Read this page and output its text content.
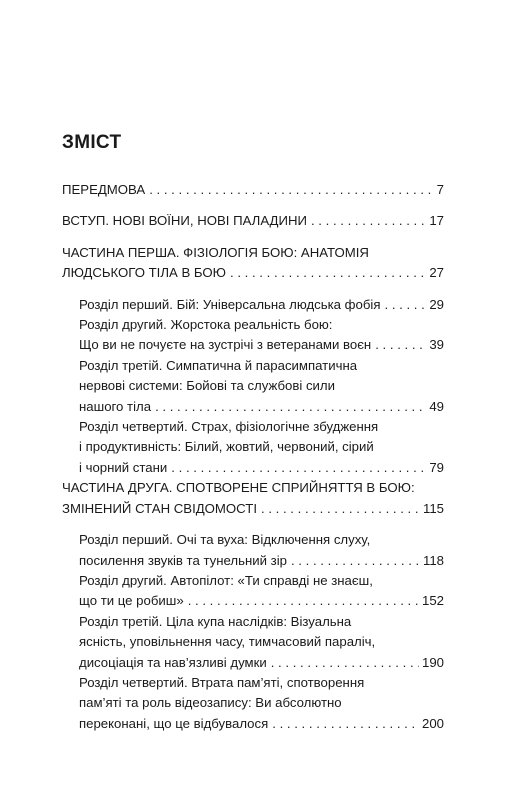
ЗМІСТ
ПЕРЕДМОВА . . .	7
ВСТУП. НОВІ ВОЇНИ, НОВІ ПАЛАДИНИ . . .	17
ЧАСТИНА ПЕРША. ФІЗІОЛОГІЯ БОЮ: АНАТОМІЯ
ЛЮДСЬКОГО ТІЛА В БОЮ . . .	27
Розділ перший. Бій: Універсальна людська фобія . . .	29
Розділ другий. Жорстока реальність бою:
Що ви не почуєте на зустрічі з ветеранами воєн . . .	39
Розділ третій. Симпатична й парасимпатична
нервові системи: Бойові та службові сили
нашого тіла . . .	49
Розділ четвертий. Страх, фізіологічне збудження
і продуктивність: Білий, жовтий, червоний, сірий
і чорний стани . . .	79
ЧАСТИНА ДРУГА. СПОТВОРЕНЕ СПРИЙНЯТТЯ В БОЮ:
ЗМІНЕНИЙ СТАН СВІДОМОСТІ . . .	115
Розділ перший. Очі та вуха: Відключення слуху,
посилення звуків та тунельний зір . . .	118
Розділ другий. Автопілот: «Ти справді не знаєш,
що ти це робиш» . . .	152
Розділ третій. Ціла купа наслідків: Візуальна
ясність, уповільнення часу, тимчасовий параліч,
дисоціація та нав’язливі думки . . .	190
Розділ четвертий. Втрата пам’яті, спотворення
пам’яті та роль відеозапису: Ви абсолютно
переконані, що це відбувалося . . .	200
